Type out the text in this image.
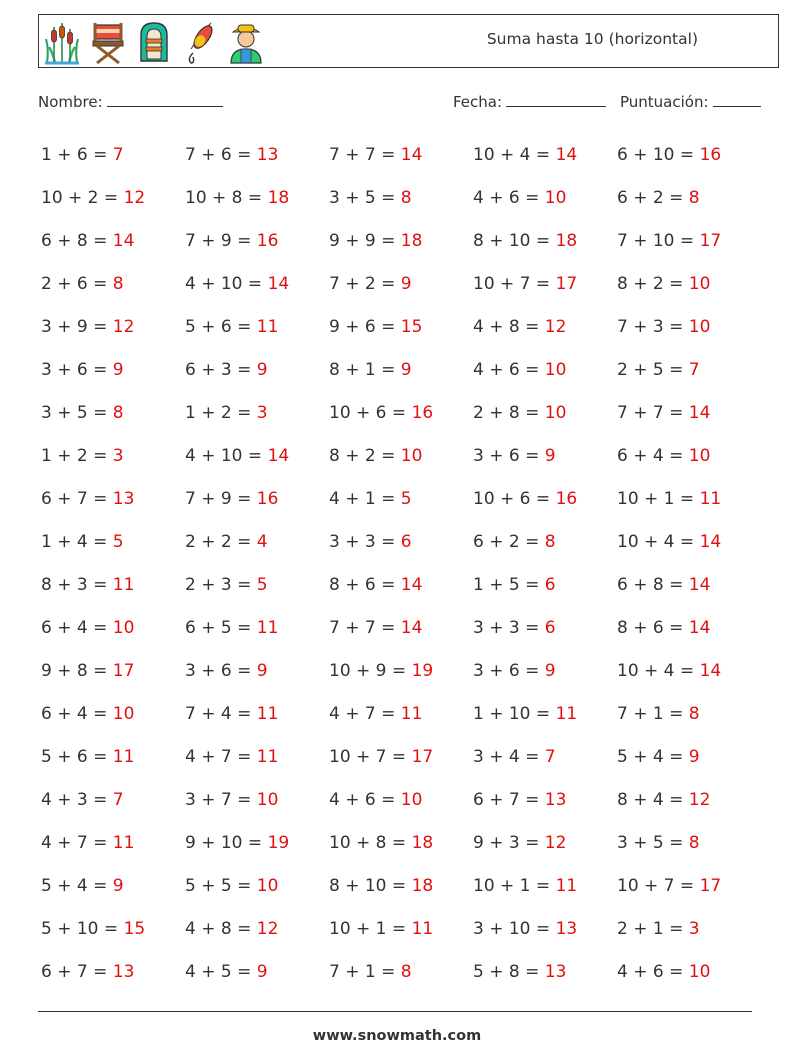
Suma hasta 10 (horizontal)
Nombre:	Fecha:	Puntuación:
1 + 6 = 7	7 + 6 = 13	7 + 7 = 14	10 + 4 = 14	6 + 10 = 16
10 + 2 = 12	10 + 8 = 18	3 + 5 = 8	4 + 6 = 10	6 + 2 = 8
6 + 8 = 14	7 + 9 = 16	9 + 9 = 18	8 + 10 = 18	7 + 10 = 17
2 + 6 = 8	4 + 10 = 14	7 + 2 = 9	10 + 7 = 17	8 + 2 = 10
3 + 9 = 12	5 + 6 = 11	9 + 6 = 15	4 + 8 = 12	7 + 3 = 10
3 + 6 = 9	6 + 3 = 9	8 + 1 = 9	4 + 6 = 10	2 + 5 = 7
3 + 5 = 8	1 + 2 = 3	10 + 6 = 16	2 + 8 = 10	7 + 7 = 14
1 + 2 = 3	4 + 10 = 14	8 + 2 = 10	3 + 6 = 9	6 + 4 = 10
6 + 7 = 13	7 + 9 = 16	4 + 1 = 5	10 + 6 = 16	10 + 1 = 11
1 + 4 = 5	2 + 2 = 4	3 + 3 = 6	6 + 2 = 8	10 + 4 = 14
8 + 3 = 11	2 + 3 = 5	8 + 6 = 14	1 + 5 = 6	6 + 8 = 14
6 + 4 = 10	6 + 5 = 11	7 + 7 = 14	3 + 3 = 6	8 + 6 = 14
9 + 8 = 17	3 + 6 = 9	10 + 9 = 19	3 + 6 = 9	10 + 4 = 14
6 + 4 = 10	7 + 4 = 11	4 + 7 = 11	1 + 10 = 11	7 + 1 = 8
5 + 6 = 11	4 + 7 = 11	10 + 7 = 17	3 + 4 = 7	5 + 4 = 9
4 + 3 = 7	3 + 7 = 10	4 + 6 = 10	6 + 7 = 13	8 + 4 = 12
4 + 7 = 11	9 + 10 = 19	10 + 8 = 18	9 + 3 = 12	3 + 5 = 8
5 + 4 = 9	5 + 5 = 10	8 + 10 = 18	10 + 1 = 11	10 + 7 = 17
5 + 10 = 15	4 + 8 = 12	10 + 1 = 11	3 + 10 = 13	2 + 1 = 3
6 + 7 = 13	4 + 5 = 9	7 + 1 = 8	5 + 8 = 13	4 + 6 = 10
www.snowmath.com
